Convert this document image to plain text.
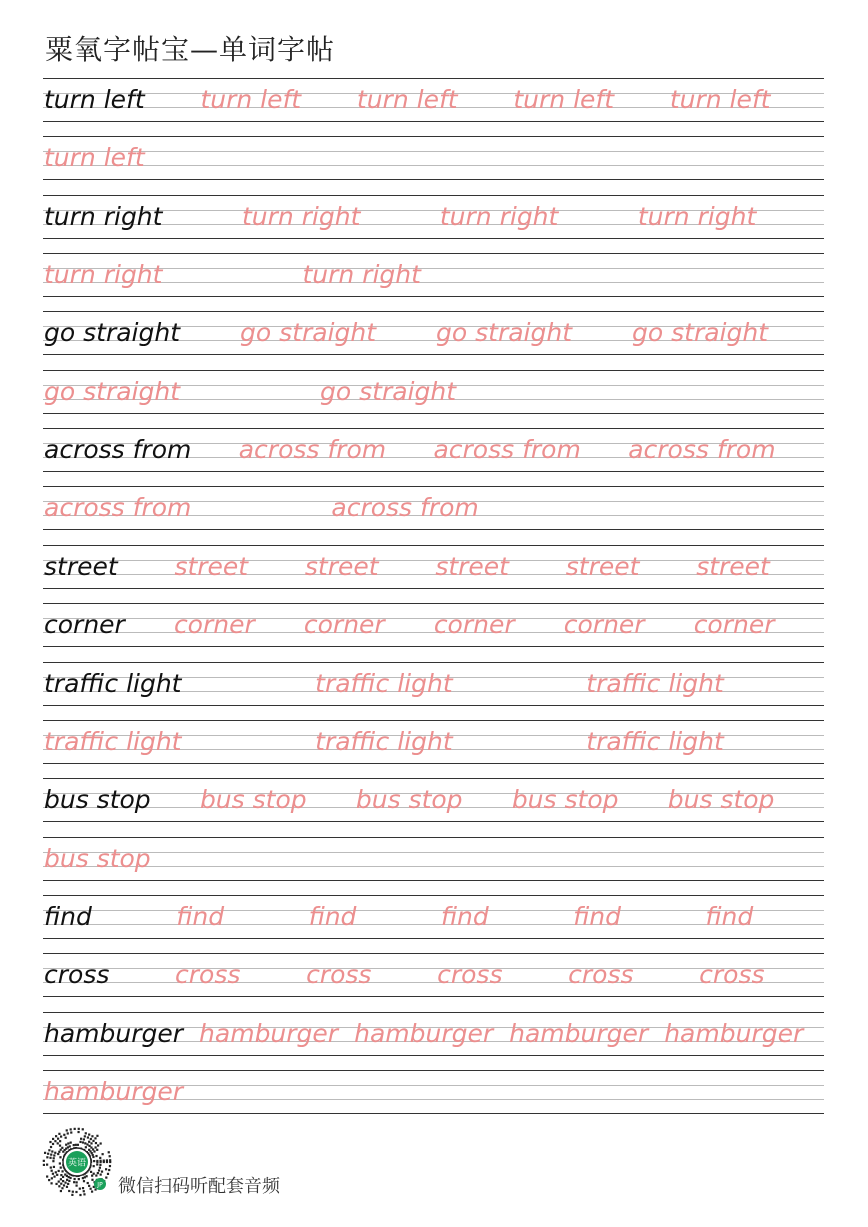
粟氧字帖宝—单词字帖
turn left turn left turn left turn left turn left
turn left
turn right	turn right	turn right	turn right
turn right	turn right
go straight go straight go straight go straight
go straight	go straight
across from across from across from across from
across from	across from
street street street street street street
corner corner corner corner corner corner
traffic light	traffic light	traffic light
traffic light	traffic light	traffic light
bus stop bus stop bus stop bus stop bus stop
bus stop
find	find	find	find	find	find
cross	cross	cross	cross	cross	cross
hamburger hamburger hamburger hamburger hamburger
hamburger
英语
JP 微信扫码听配套音频
